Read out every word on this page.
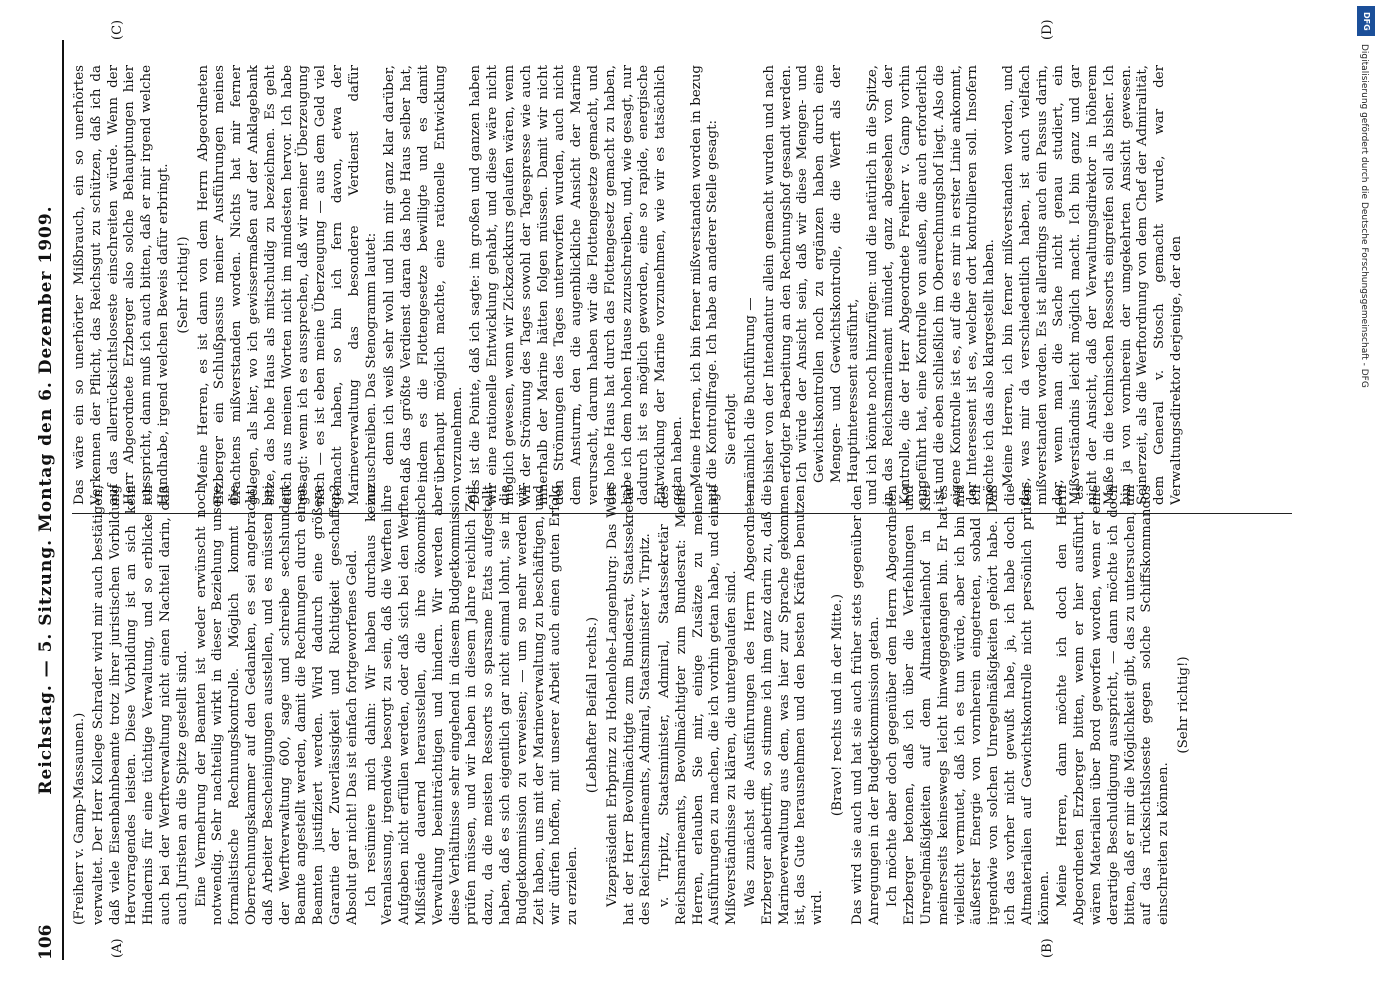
106
Reichstag. — 5. Sitzung. Montag den 6. Dezember 1909.
(A)	(B)
(C)	(D)

(Freiherr v. Gamp-Massaunen.) verwaltet. Der Herr Kollege Schrader wird mir auch bestätigen, daß viele Eisenbahnbeamte trotz ihrer juristischen Vorbildung Hervorragendes leisten. Diese Vorbildung ist an sich kein Hindernis für eine tüchtige Verwaltung, und so erblicke ich auch bei der Werftverwaltung nicht einen Nachteil darin, daß auch Juristen an die Spitze gestellt sind. Eine Vermehrung der Beamten ist weder erwünscht noch notwendig. Sehr nachteilig wirkt in dieser Beziehung unsere formalistische Rechnungskontrolle. Möglich kommt die Oberrechnungskammer auf den Gedanken, es sei angebracht, daß Arbeiter Bescheinigungen ausstellen, und es müssten bei der Werftverwaltung 600, sage und schreibe sechshundert Beamte angestellt werden, damit die Rechnungen durch einen Beamten justifiziert werden. Wird dadurch eine größere Garantie der Zuverlässigkeit und Richtigkeit geschaffen? Absolut gar nicht! Das ist einfach fortgeworfenes Geld. Ich resümiere mich dahin: Wir haben durchaus keine Veranlassung, irgendwie besorgt zu sein, daß die Werften ihre Aufgaben nicht erfüllen werden, oder daß sich bei den Werften Mißstände dauernd herausstellen, die ihre ökonomische Verwaltung beeinträchtigen und hindern. Wir werden aber diese Verhältnisse sehr eingehend in diesem Budgetkommission prüfen müssen, und wir haben in diesem Jahre reichlich Zeit dazu, da die meisten Ressorts so sparsame Etats aufgestellt haben, daß es sich eigentlich gar nicht einmal lohnt, sie in die Budgetkommission zu verweisen; — um so mehr werden wir Zeit haben, uns mit der Marineverwaltung zu beschäftigen, und wir dürfen hoffen, mit unserer Arbeit auch einen guten Erfolg zu erzielen.

(Lebhafter Beifall rechts.) Vizepräsident Erbprinz zu Hohenlohe-Langenburg: Das Wort hat der Herr Bevollmächtigte zum Bundesrat, Staatssekretär des Reichsmarineamts, Admiral, Staatsminister v. Tirpitz. v. Tirpitz, Staatsminister, Admiral, Staatssekretär des Reichsmarineamts, Bevollmächtigter zum Bundesrat: Meine Herren, erlauben Sie mir, einige Zusätze zu meinen Ausführungen zu machen, die ich vorhin getan habe, und einige Mißverständnisse zu klären, die untergelaufen sind. Was zunächst die Ausführungen des Herrn Abgeordneten Erzberger anbetrifft, so stimme ich ihm ganz darin zu, daß die Marineverwaltung aus dem, was hier zur Sprache gekommen ist, das Gute herausnehmen und den besten Kräften benutzen wird.

(Bravo! rechts und in der Mitte.) Das wird sie auch und hat sie auch früher stets gegenüber den Anregungen in der Budgetkommission getan. Ich möchte aber doch gegenüber dem Herrn Abgeordneten Erzberger betonen, daß ich über die Verfehlungen und Unregelmäßigkeiten auf dem Altmaterialienhof in Kiel meinerseits keineswegs leicht hinweggegangen bin. Er hat es vielleicht vermutet, daß ich es tun würde, aber ich bin mit äußerster Energie von vornherein eingetreten, sobald ich irgendwie von solchen Unregelmäßigkeiten gehört habe. Daß ich das vorher nicht gewußt habe, ja, ich habe doch die Altmaterialien auf Gewichtskontrolle nicht persönlich prüfen können. Meine Herren, dann möchte ich doch den Herrn Abgeordneten Erzberger bitten, wenn er hier ausführt, es wären Materialien über Bord geworfen worden, wenn er eine derartige Beschuldigung ausspricht, — dann möchte ich doch bitten, daß er mir die Möglichkeit gibt, das zu untersuchen, um auf das rücksichtsloseste gegen solche Schiffskommandos einschreiten zu können.

(Sehr richtig!)

Das wäre ein so unerhörter Mißbrauch, ein so unerhörtes Verkennen der Pflicht, das Reichsgut zu schützen, daß ich da auf das allerrücksichtsloseste einschreiten würde. Wenn der Herr Abgeordnete Erzberger also solche Behauptungen hier ausspricht, dann muß ich auch bitten, daß er mir irgend welche Handhabe, irgend welchen Beweis dafür erbringt. (Sehr richtig!) Meine Herren, es ist dann von dem Herrn Abgeordneten Erzberger ein Schlußpassus meiner Ausführungen meines Erachtens mißverstanden worden. Nichts hat mir ferner gelegen, als hier, wo ich gewissermaßen auf der Anklagebank sitze, das hohe Haus als mitschuldig zu bezeichnen. Es geht auch aus meinen Worten nicht im mindesten hervor. Ich habe gesagt: wenn ich es aussprechen, daß wir meiner Überzeugung nach — es ist eben meine Überzeugung — aus dem Geld viel gemacht haben, so bin ich fern davon, etwa der Marineverwaltung das besondere Verdienst dafür zuzuschreiben. Das Stenogramm lautet: denn ich weiß sehr wohl und bin mir ganz klar darüber, daß das größte Verdienst daran das hohe Haus selber hat, indem es die Flottengesetze bewilligte und es damit überhaupt möglich machte, eine rationelle Entwicklung vorzunehmen. Das ist die Pointe, daß ich sagte: im großen und ganzen haben wir eine rationelle Entwicklung gehabt, und diese wäre nicht möglich gewesen, wenn wir Zickzackkurs gelaufen wären, wenn wir der Strömung des Tages sowohl der Tagespresse wie auch innerhalb der Marine hätten folgen müssen. Damit wir nicht den Strömungen des Tages unterworfen wurden, auch nicht dem Ansturm, den die augenblickliche Ansicht der Marine verursacht, darum haben wir die Flottengesetze gemacht, und das hohe Haus hat durch das Flottengesetz gemacht zu haben, habe ich dem hohen Hause zuzuschreiben, und, wie gesagt, nur dadurch ist es möglich geworden, eine so rapide, energische Entwicklung der Marine vorzunehmen, wie wir es tatsächlich getan haben. Meine Herren, ich bin ferner mißverstanden worden in bezug auf die Kontrollfrage. Ich habe an anderer Stelle gesagt: Sie erfolgt — nämlich die Buchführung — bisher von der Intendantur allein gemacht wurden und nach erfolgter Bearbeitung an den Rechnungshof gesandt werden. Ich würde der Ansicht sein, daß wir diese Mengen- und Gewichtskontrollen noch zu ergänzen haben durch eine Mengen- und Gewichtskontrolle, die die Werft als der Hauptinteressent ausführt, und ich könnte noch hinzufügen: und die natürlich in die Spitze, in das Reichsmarineamt mündet, ganz abgesehen von der Kontrolle, die der Herr Abgeordnete Freiherr v. Gamp vorhin angeführt hat, eine Kontrolle von außen, die auch erforderlich ist und die eben schließlich im Oberrechnungshof liegt. Also die eigene Kontrolle ist es, auf die es mir in erster Linie ankommt, der Interessent ist es, welcher dort kontrollieren soll. Insofern möchte ich das also klargestellt haben. Meine Herren, ich bin ferner mißverstanden worden, und das, was mir da verschiedentlich haben, ist auch vielfach mißverstanden worden. Es ist allerdings auch ein Passus darin, der, wenn man die Sache nicht genau studiert, ein Mißverständnis leicht möglich macht. Ich bin ganz und gar nicht der Ansicht, daß der Verwaltungsdirektor in höherem Maße in die technischen Ressorts eingreifen soll als bisher. Ich bin ja von vornherein der umgekehrten Ansicht gewesen. Seinerzeit, als die Werftordnung von dem Chef der Admiralität, dem General v. Stosch gemacht wurde, war der Verwaltungsdirektor derjenige, der den

DFG
Digitalisierung gefördert durch die Deutsche Forschungsgemeinschaft - DFG
